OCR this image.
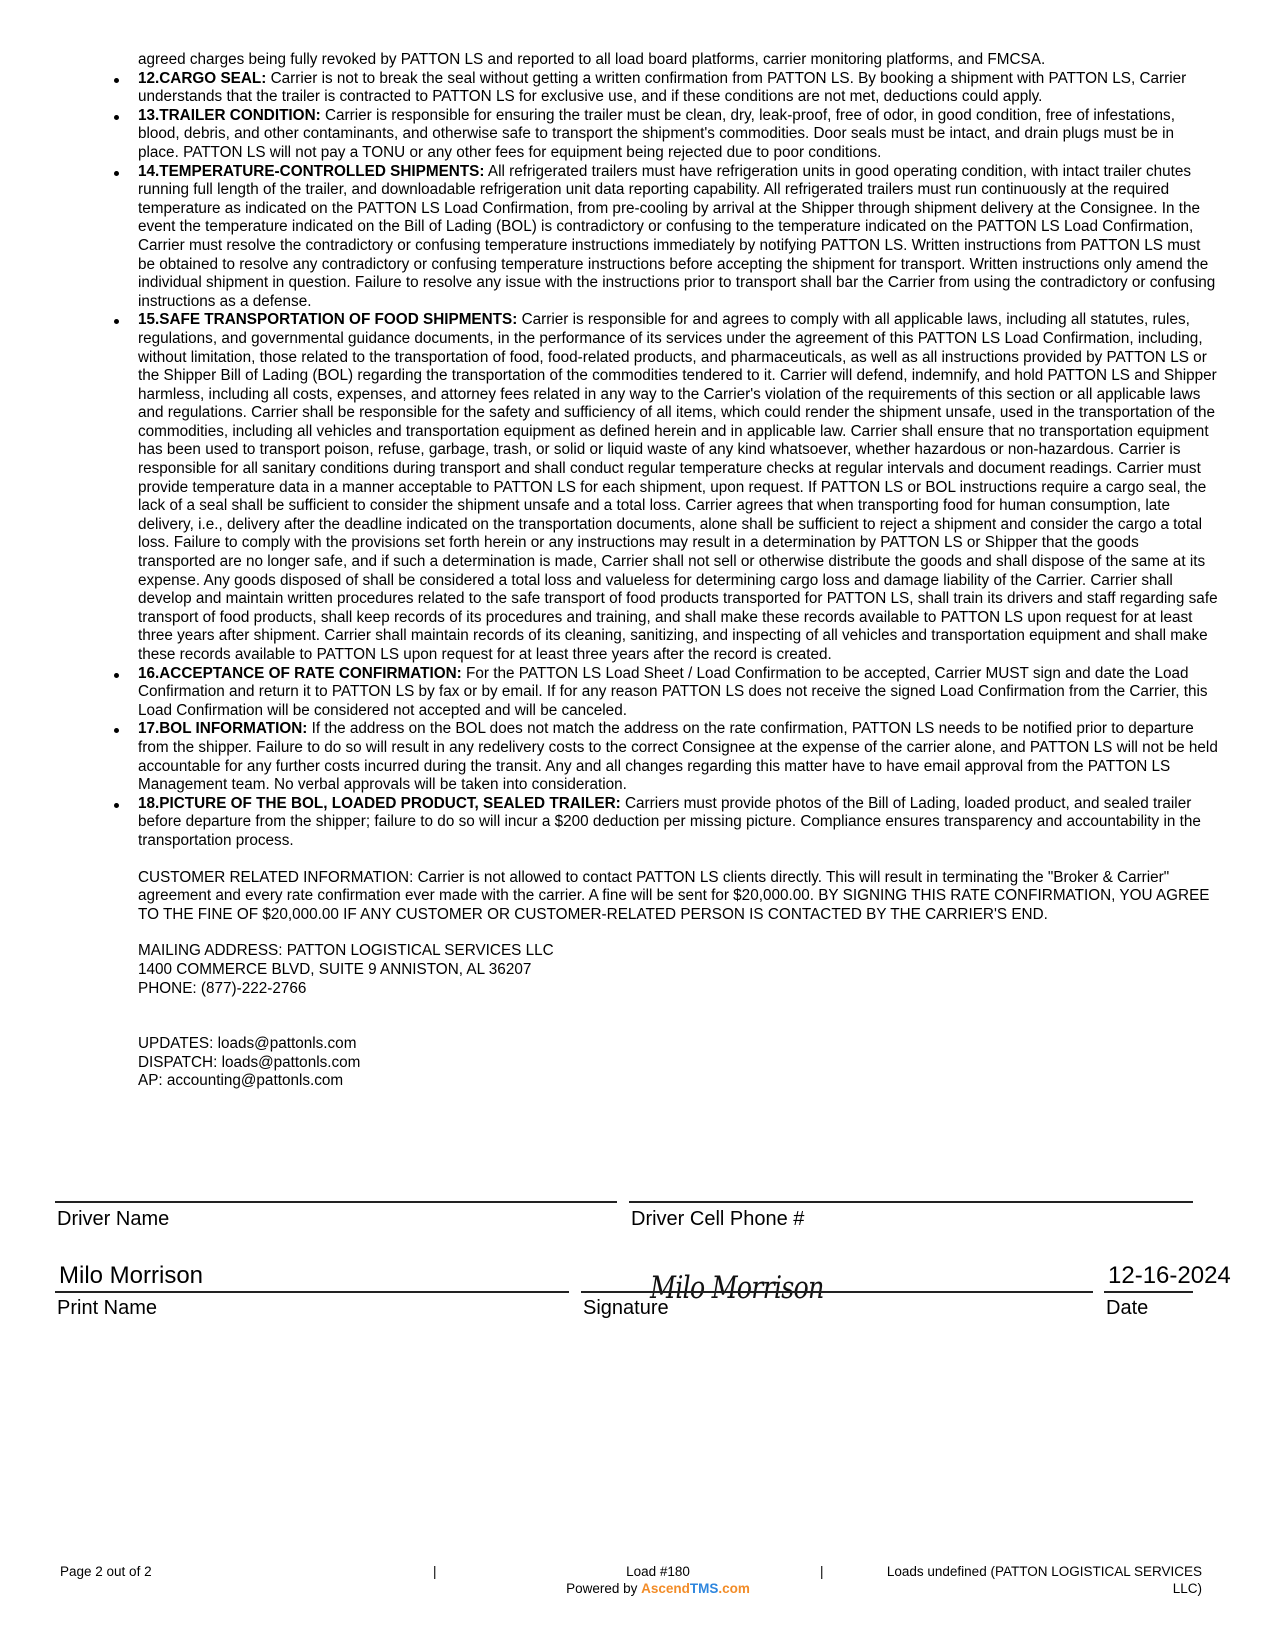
agreed charges being fully revoked by PATTON LS and reported to all load board platforms, carrier monitoring platforms, and FMCSA.

12.CARGO SEAL: Carrier is not to break the seal without getting a written confirmation from PATTON LS. By booking a shipment with PATTON LS, Carrier understands that the trailer is contracted to PATTON LS for exclusive use, and if these conditions are not met, deductions could apply.
13.TRAILER CONDITION: Carrier is responsible for ensuring the trailer must be clean, dry, leak-proof, free of odor, in good condition, free of infestations, blood, debris, and other contaminants, and otherwise safe to transport the shipment's commodities. Door seals must be intact, and drain plugs must be in place. PATTON LS will not pay a TONU or any other fees for equipment being rejected due to poor conditions.
14.TEMPERATURE-CONTROLLED SHIPMENTS: All refrigerated trailers must have refrigeration units in good operating condition, with intact trailer chutes running full length of the trailer, and downloadable refrigeration unit data reporting capability. All refrigerated trailers must run continuously at the required temperature as indicated on the PATTON LS Load Confirmation, from pre-cooling by arrival at the Shipper through shipment delivery at the Consignee. In the event the temperature indicated on the Bill of Lading (BOL) is contradictory or confusing to the temperature indicated on the PATTON LS Load Confirmation, Carrier must resolve the contradictory or confusing temperature instructions immediately by notifying PATTON LS. Written instructions from PATTON LS must be obtained to resolve any contradictory or confusing temperature instructions before accepting the shipment for transport. Written instructions only amend the individual shipment in question. Failure to resolve any issue with the instructions prior to transport shall bar the Carrier from using the contradictory or confusing instructions as a defense.
15.SAFE TRANSPORTATION OF FOOD SHIPMENTS: Carrier is responsible for and agrees to comply with all applicable laws, including all statutes, rules, regulations, and governmental guidance documents, in the performance of its services under the agreement of this PATTON LS Load Confirmation, including, without limitation, those related to the transportation of food, food-related products, and pharmaceuticals, as well as all instructions provided by PATTON LS or the Shipper Bill of Lading (BOL) regarding the transportation of the commodities tendered to it. Carrier will defend, indemnify, and hold PATTON LS and Shipper harmless, including all costs, expenses, and attorney fees related in any way to the Carrier's violation of the requirements of this section or all applicable laws and regulations. Carrier shall be responsible for the safety and sufficiency of all items, which could render the shipment unsafe, used in the transportation of the commodities, including all vehicles and transportation equipment as defined herein and in applicable law. Carrier shall ensure that no transportation equipment has been used to transport poison, refuse, garbage, trash, or solid or liquid waste of any kind whatsoever, whether hazardous or non-hazardous. Carrier is responsible for all sanitary conditions during transport and shall conduct regular temperature checks at regular intervals and document readings. Carrier must provide temperature data in a manner acceptable to PATTON LS for each shipment, upon request. If PATTON LS or BOL instructions require a cargo seal, the lack of a seal shall be sufficient to consider the shipment unsafe and a total loss. Carrier agrees that when transporting food for human consumption, late delivery, i.e., delivery after the deadline indicated on the transportation documents, alone shall be sufficient to reject a shipment and consider the cargo a total loss. Failure to comply with the provisions set forth herein or any instructions may result in a determination by PATTON LS or Shipper that the goods transported are no longer safe, and if such a determination is made, Carrier shall not sell or otherwise distribute the goods and shall dispose of the same at its expense. Any goods disposed of shall be considered a total loss and valueless for determining cargo loss and damage liability of the Carrier. Carrier shall develop and maintain written procedures related to the safe transport of food products transported for PATTON LS, shall train its drivers and staff regarding safe transport of food products, shall keep records of its procedures and training, and shall make these records available to PATTON LS upon request for at least three years after shipment. Carrier shall maintain records of its cleaning, sanitizing, and inspecting of all vehicles and transportation equipment and shall make these records available to PATTON LS upon request for at least three years after the record is created.
16.ACCEPTANCE OF RATE CONFIRMATION: For the PATTON LS Load Sheet / Load Confirmation to be accepted, Carrier MUST sign and date the Load Confirmation and return it to PATTON LS by fax or by email. If for any reason PATTON LS does not receive the signed Load Confirmation from the Carrier, this Load Confirmation will be considered not accepted and will be canceled.
17.BOL INFORMATION: If the address on the BOL does not match the address on the rate confirmation, PATTON LS needs to be notified prior to departure from the shipper. Failure to do so will result in any redelivery costs to the correct Consignee at the expense of the carrier alone, and PATTON LS will not be held accountable for any further costs incurred during the transit. Any and all changes regarding this matter have to have email approval from the PATTON LS Management team. No verbal approvals will be taken into consideration.
18.PICTURE OF THE BOL, LOADED PRODUCT, SEALED TRAILER: Carriers must provide photos of the Bill of Lading, loaded product, and sealed trailer before departure from the shipper; failure to do so will incur a $200 deduction per missing picture. Compliance ensures transparency and accountability in the transportation process.

CUSTOMER RELATED INFORMATION: Carrier is not allowed to contact PATTON LS clients directly. This will result in terminating the "Broker & Carrier" agreement and every rate confirmation ever made with the carrier. A fine will be sent for $20,000.00. BY SIGNING THIS RATE CONFIRMATION, YOU AGREE TO THE FINE OF $20,000.00 IF ANY CUSTOMER OR CUSTOMER-RELATED PERSON IS CONTACTED BY THE CARRIER'S END.

MAILING ADDRESS: PATTON LOGISTICAL SERVICES LLC
1400 COMMERCE BLVD, SUITE 9 ANNISTON, AL 36207
PHONE: (877)-222-2766
UPDATES: loads@pattonls.com
DISPATCH: loads@pattonls.com
AP: accounting@pattonls.com
Driver Name	Driver Cell Phone #
Milo Morrison	Milo Morrison	12-16-2024
Print Name	Signature	Date
Page 2 out of 2	|	Load #180
Powered by AscendTMS.com
|	Loads undefined (PATTON LOGISTICAL SERVICES
LLC)
